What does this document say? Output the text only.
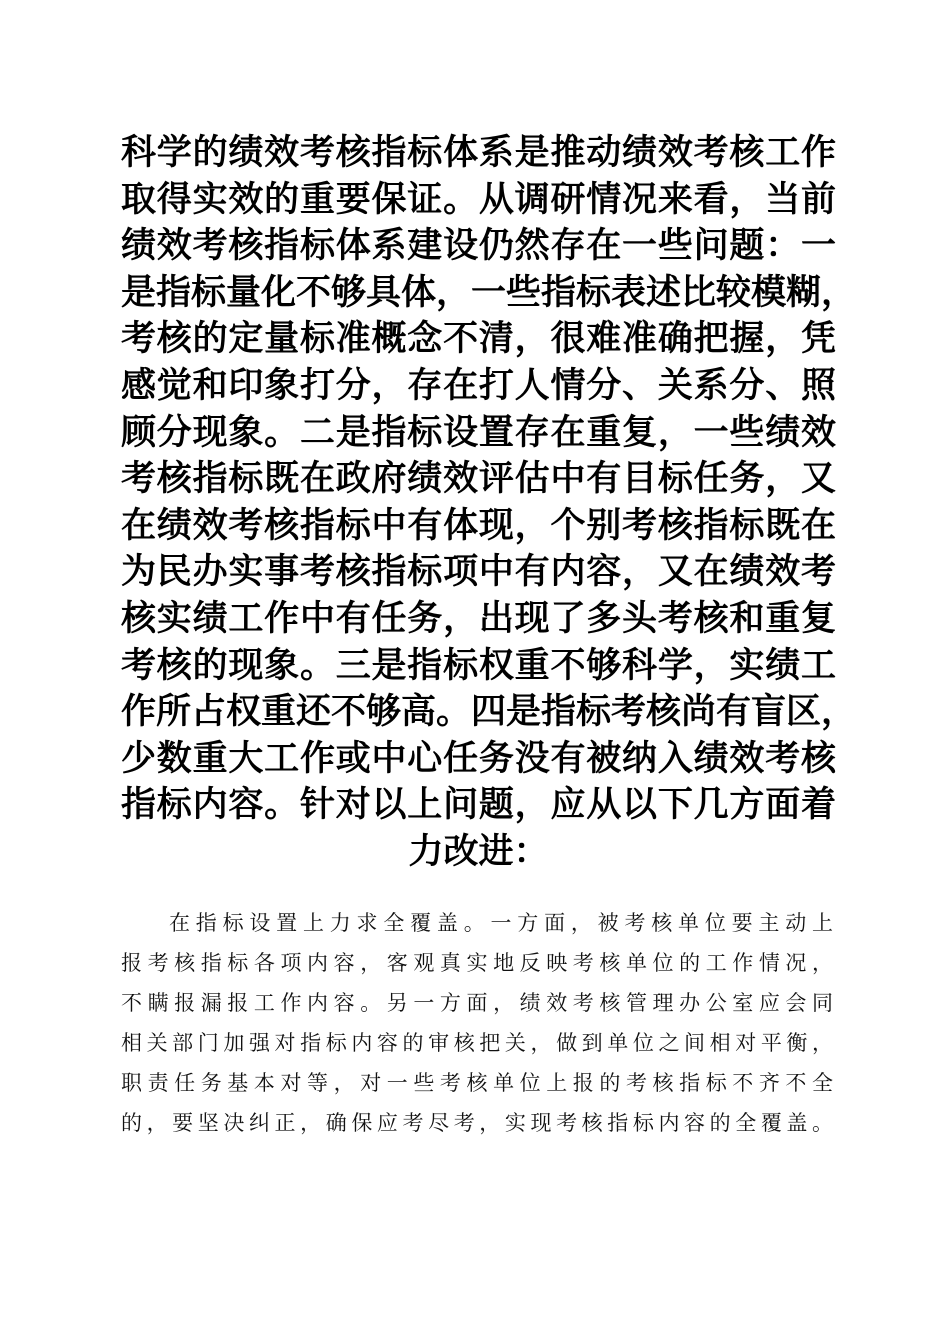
科学的绩效考核指标体系是推动绩效考核工作
取得实效的重要保证。从调研情况来看，当前
绩效考核指标体系建设仍然存在一些问题：一
是指标量化不够具体，一些指标表述比较模糊，
考核的定量标准概念不清，很难准确把握，凭
感觉和印象打分，存在打人情分、关系分、照
顾分现象。二是指标设置存在重复，一些绩效
考核指标既在政府绩效评估中有目标任务，又
在绩效考核指标中有体现，个别考核指标既在
为民办实事考核指标项中有内容，又在绩效考
核实绩工作中有任务，出现了多头考核和重复
考核的现象。三是指标权重不够科学，实绩工
作所占权重还不够高。四是指标考核尚有盲区，
少数重大工作或中心任务没有被纳入绩效考核
指标内容。针对以上问题，应从以下几方面着
力改进：
在指标设置上力求全覆盖。一方面，被考核单位要主动上
报考核指标各项内容，客观真实地反映考核单位的工作情况，
不瞒报漏报工作内容。另一方面，绩效考核管理办公室应会同
相关部门加强对指标内容的审核把关，做到单位之间相对平衡，
职责任务基本对等，对一些考核单位上报的考核指标不齐不全
的，要坚决纠正，确保应考尽考，实现考核指标内容的全覆盖。
